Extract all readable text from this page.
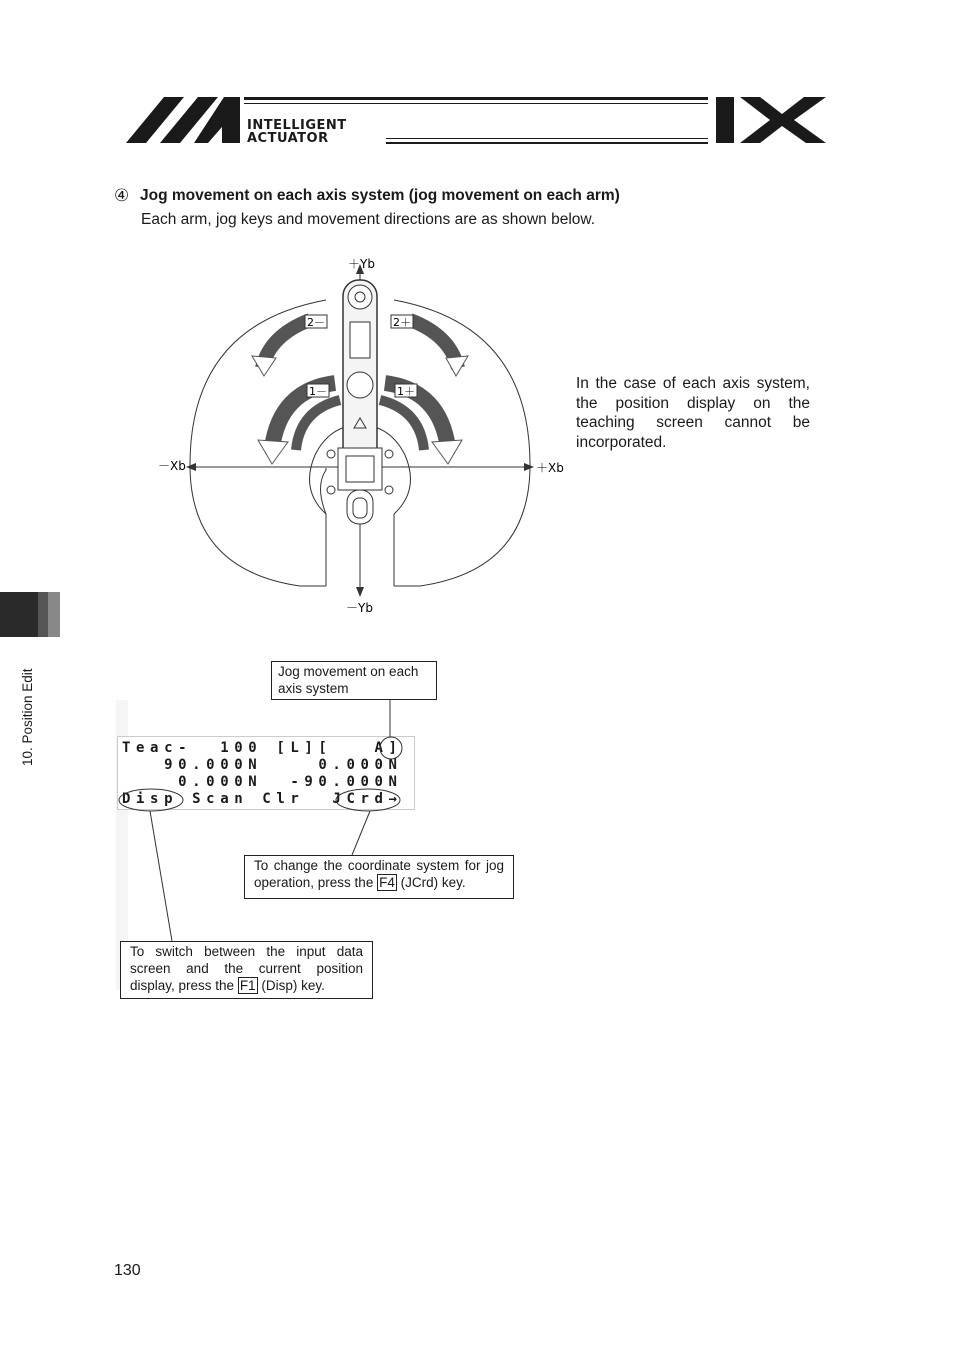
INTELLIGENT
ACTUATOR
④ Jog movement on each axis system (jog movement on each arm)
Each arm, jog keys and movement directions are as shown below.
2－	2＋
1－	1＋
＋Yb
－Yb
－Xb	＋Xb
In the case of each axis system, the position display on the teaching screen cannot be incorporated.
10. Position Edit	Jog movement on each axis system
Teac-  100 [L][   A]
90.000N    0.000N
0.000N  -90.000N
Disp Scan Clr  JCrd→
To change the coordinate system for jog operation, press the F4 (JCrd) key.
To switch between the input data screen and the current position display, press the F1 (Disp) key.
130
